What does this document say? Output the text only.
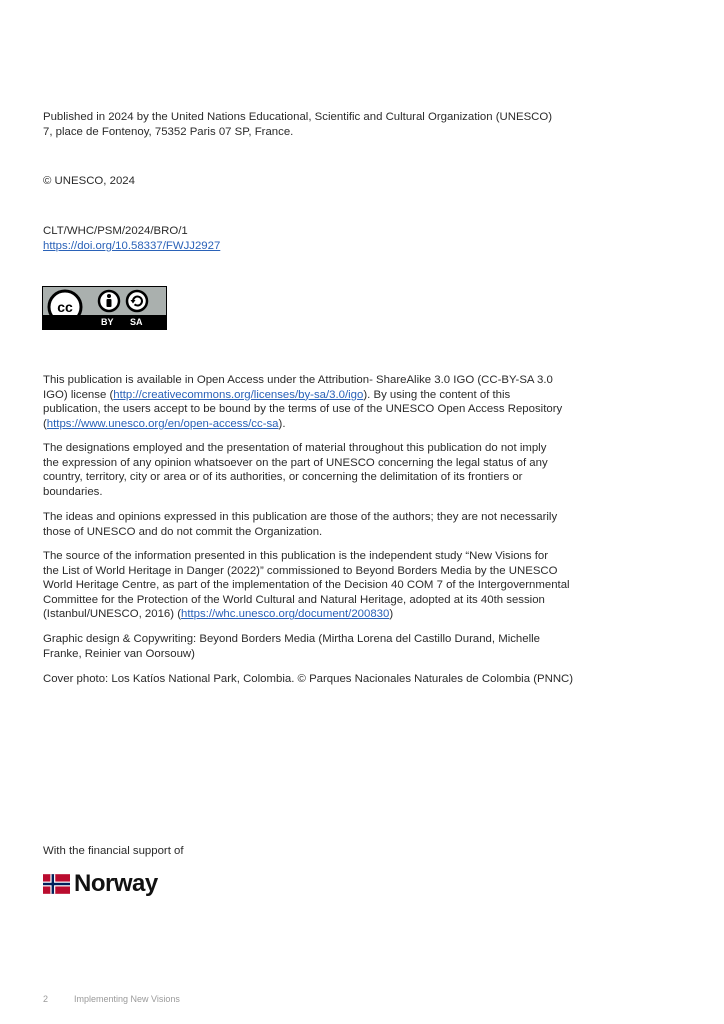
Published in 2024 by the United Nations Educational, Scientific and Cultural Organization (UNESCO)
7, place de Fontenoy, 75352 Paris 07 SP, France.
© UNESCO, 2024
CLT/WHC/PSM/2024/BRO/1
https://doi.org/10.58337/FWJJ2927
cc
BY SA
This publication is available in Open Access under the Attribution- ShareAlike 3.0 IGO (CC-BY-SA 3.0
IGO) license (http://creativecommons.org/licenses/by-sa/3.0/igo). By using the content of this
publication, the users accept to be bound by the terms of use of the UNESCO Open Access Repository
(https://www.unesco.org/en/open-access/cc-sa).
The designations employed and the presentation of material throughout this publication do not imply
the expression of any opinion whatsoever on the part of UNESCO concerning the legal status of any
country, territory, city or area or of its authorities, or concerning the delimitation of its frontiers or
boundaries.
The ideas and opinions expressed in this publication are those of the authors; they are not necessarily
those of UNESCO and do not commit the Organization.
The source of the information presented in this publication is the independent study “New Visions for
the List of World Heritage in Danger (2022)” commissioned to Beyond Borders Media by the UNESCO
World Heritage Centre, as part of the implementation of the Decision 40 COM 7 of the Intergovernmental
Committee for the Protection of the World Cultural and Natural Heritage, adopted at its 40th session
(Istanbul/UNESCO, 2016) (https://whc.unesco.org/document/200830)
Graphic design & Copywriting: Beyond Borders Media (Mirtha Lorena del Castillo Durand, Michelle
Franke, Reinier van Oorsouw)
Cover photo: Los Katíos National Park, Colombia. © Parques Nacionales Naturales de Colombia (PNNC)
With the financial support of
Norway
2	Implementing New Visions
